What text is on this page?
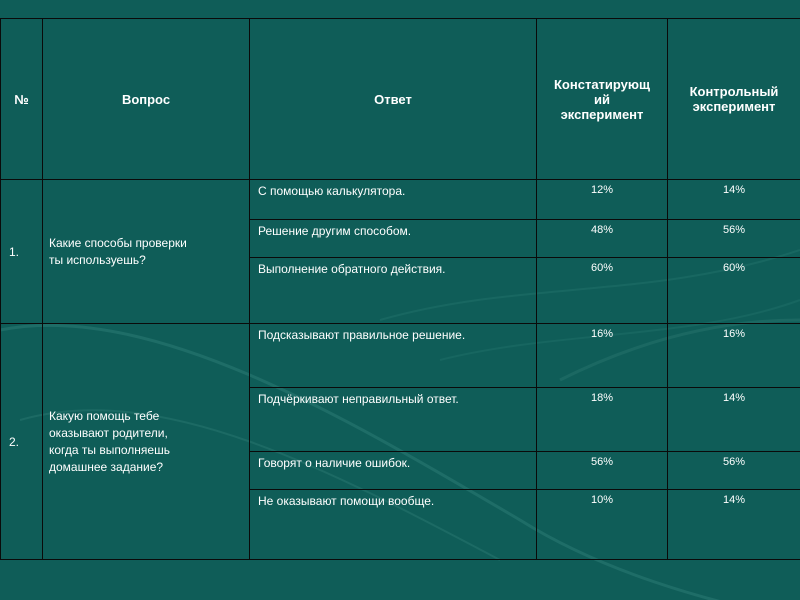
№	Вопрос	Ответ	Констатирующ
ий
эксперимент	Контрольный
эксперимент
1.	Какие способы проверки
ты используешь?	С помощью калькулятора.	12%	14%
		Решение другим способом.	48%	56%
		Выполнение обратного действия.	60%	60%
2.	Какую помощь тебе
оказывают родители,
когда ты выполняешь
домашнее задание?	Подсказывают правильное решение.	16%	16%
		Подчёркивают неправильный ответ.	18%	14%
		Говорят о наличие ошибок.	56%	56%
		Не оказывают помощи вообще.	10%	14%
